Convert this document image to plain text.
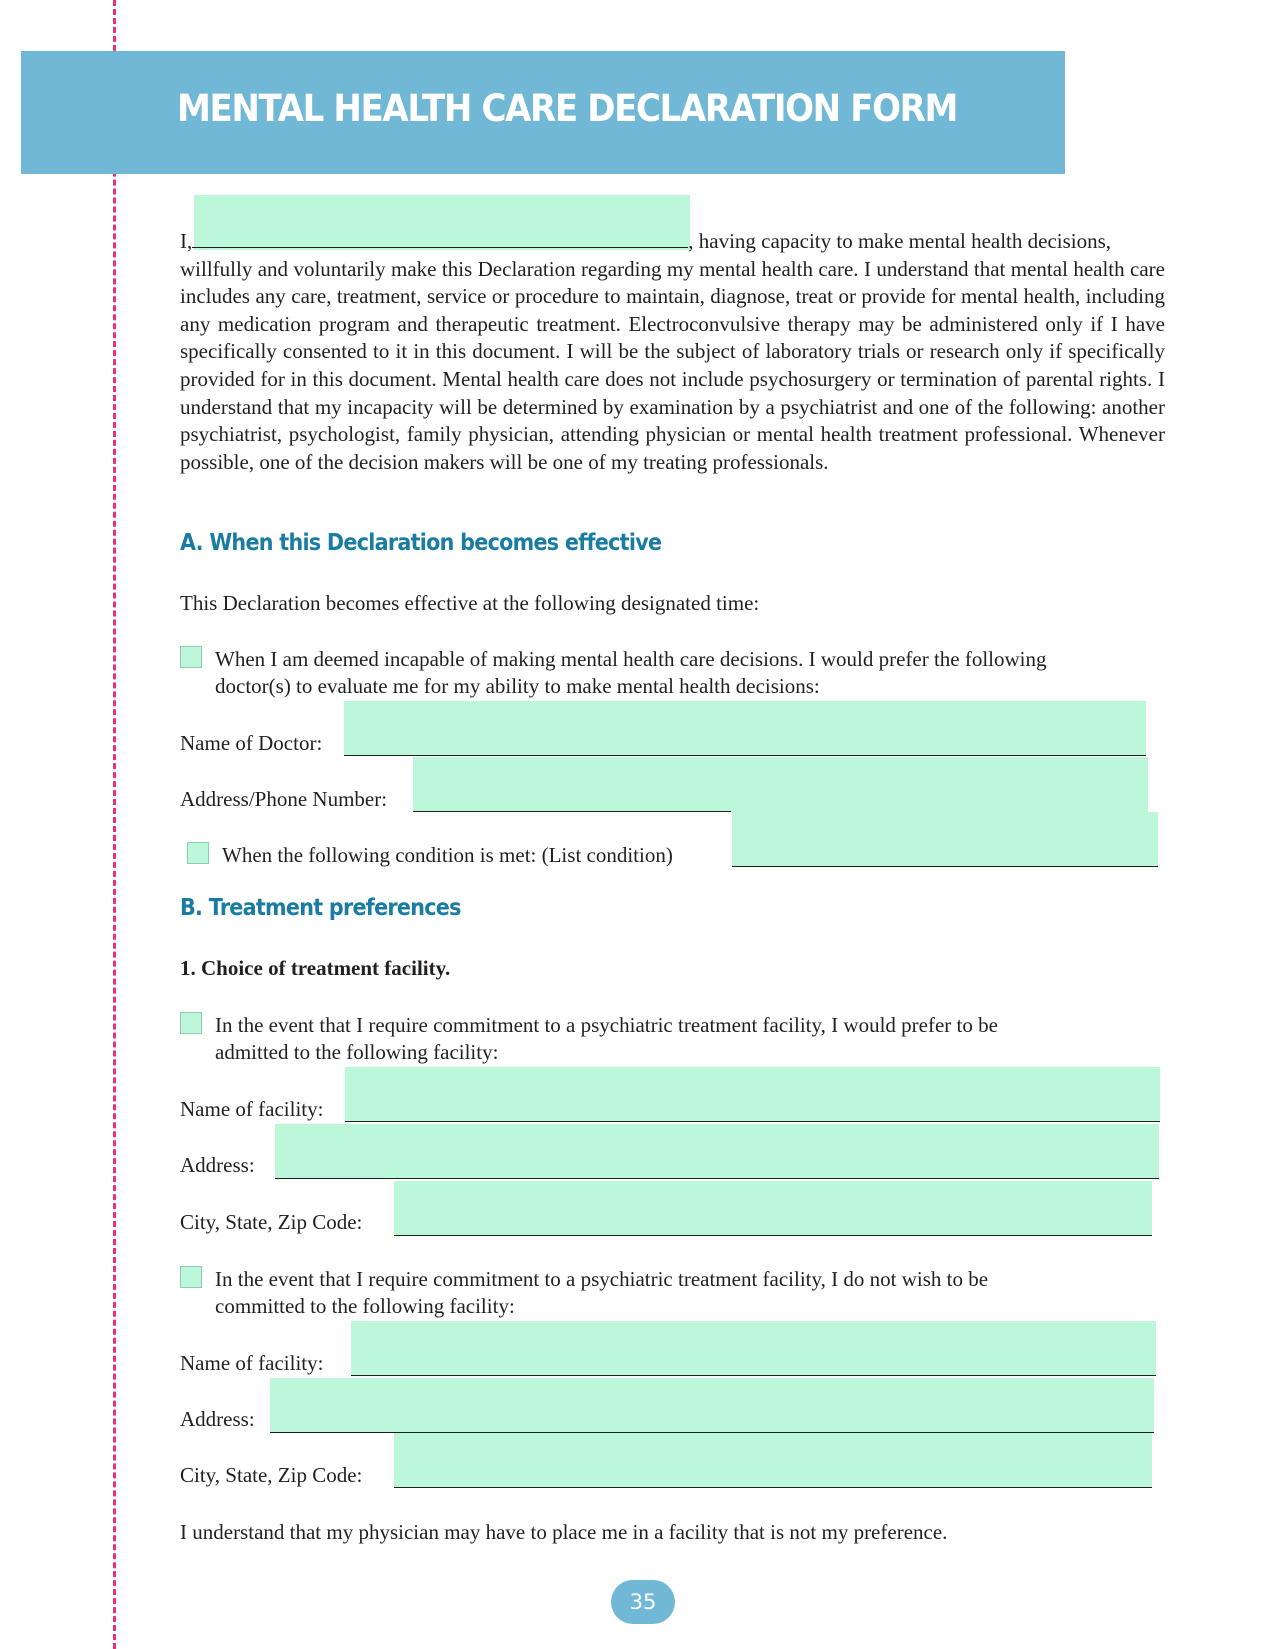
MENTAL HEALTH CARE DECLARATION FORM
I,	, having capacity to make mental health decisions,
willfully and voluntarily make this Declaration regarding my mental health care. I understand that mental health care includes any care, treatment, service or procedure to maintain, diagnose, treat or provide for mental health, including any medication program and therapeutic treatment. Electroconvulsive therapy may be administered only if I have specifically consented to it in this document. I will be the subject of laboratory trials or research only if specifically provided for in this document. Mental health care does not include psychosurgery or termination of parental rights. I understand that my incapacity will be determined by examination by a psychiatrist and one of the following: another psychiatrist, psychologist, family physician, attending physician or mental health treatment professional. Whenever possible, one of the decision makers will be one of my treating professionals.
A. When this Declaration becomes effective

This Declaration becomes effective at the following designated time:

When I am deemed incapable of making mental health care decisions. I would prefer the following

doctor(s) to evaluate me for my ability to make mental health decisions:

Name of Doctor:

Address/Phone Number:

When the following condition is met: (List condition)

B. Treatment preferences

1. Choice of treatment facility.

In the event that I require commitment to a psychiatric treatment facility, I would prefer to be

admitted to the following facility:

Name of facility:

Address:

City, State, Zip Code:

In the event that I require commitment to a psychiatric treatment facility, I do not wish to be

committed to the following facility:

Name of facility:

Address:

City, State, Zip Code:

I understand that my physician may have to place me in a facility that is not my preference.

35
